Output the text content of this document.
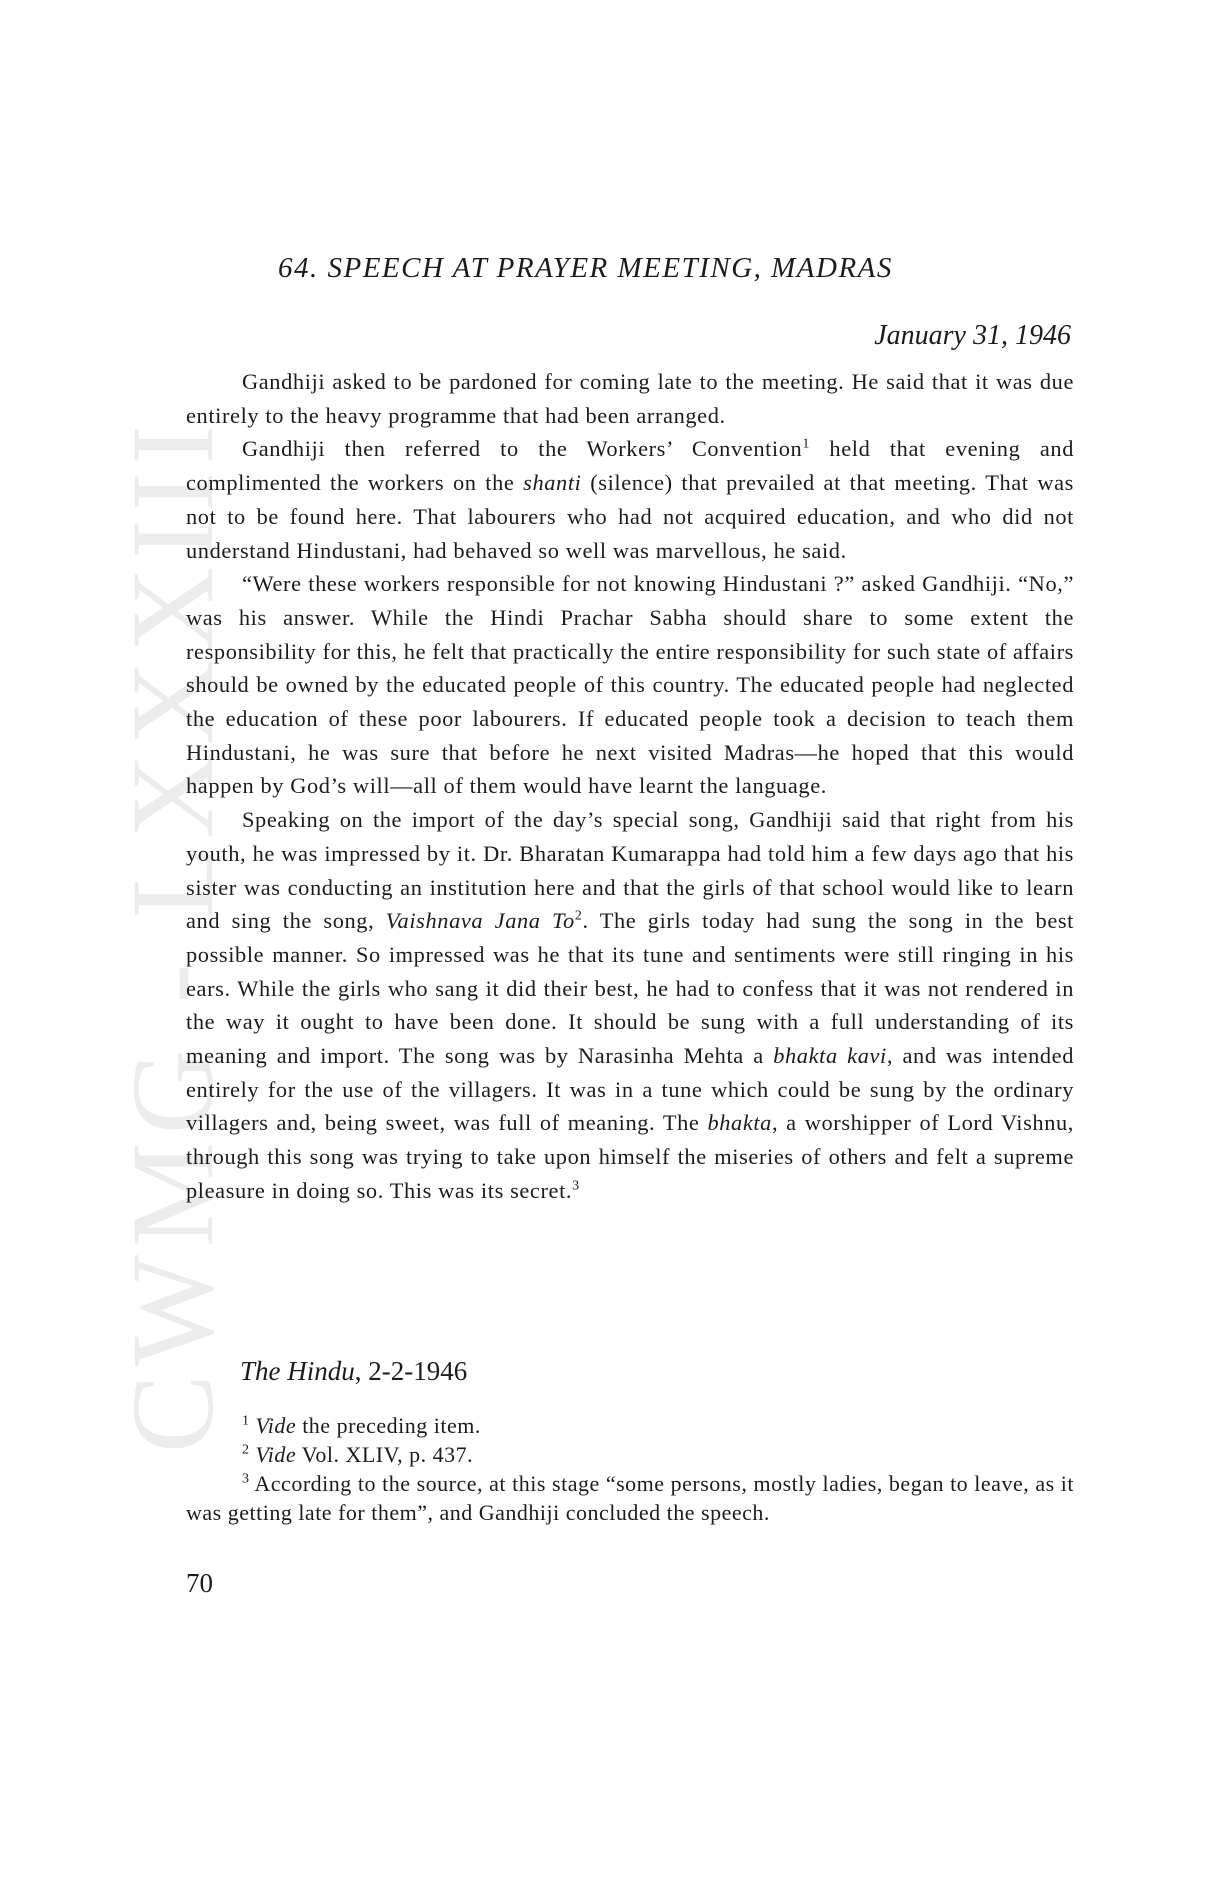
CWMG - LXXXIII
64. SPEECH AT PRAYER MEETING, MADRAS
January 31, 1946

Gandhiji asked to be pardoned for coming late to the meeting. He said that it was due entirely to the heavy programme that had been arranged.

Gandhiji then referred to the Workers’ Convention$^1$ held that evening and complimented the workers on the shanti (silence) that prevailed at that meeting. That was not to be found here. That labourers who had not acquired education, and who did not understand Hindustani, had behaved so well was marvellous, he said.

“Were these workers responsible for not knowing Hindustani ?” asked Gandhiji. “No,” was his answer. While the Hindi Prachar Sabha should share to some extent the responsibility for this, he felt that practically the entire responsibility for such state of affairs should be owned by the educated people of this country. The educated people had neglected the education of these poor labourers. If educated people took a decision to teach them Hindustani, he was sure that before he next visited Madras—he hoped that this would happen by God’s will—all of them would have learnt the language.

Speaking on the import of the day’s special song, Gandhiji said that right from his youth, he was impressed by it. Dr. Bharatan Kumarappa had told him a few days ago that his sister was conducting an institution here and that the girls of that school would like to learn and sing the song, Vaishnava Jana To$^2$. The girls today had sung the song in the best possible manner. So impressed was he that its tune and sentiments were still ringing in his ears. While the girls who sang it did their best, he had to confess that it was not rendered in the way it ought to have been done. It should be sung with a full understanding of its meaning and import. The song was by Narasinha Mehta a bhakta kavi, and was intended entirely for the use of the villagers. It was in a tune which could be sung by the ordinary villagers and, being sweet, was full of meaning. The bhakta, a worshipper of Lord Vishnu, through this song was trying to take upon himself the miseries of others and felt a supreme pleasure in doing so. This was its secret.$^3$

The Hindu, 2-2-1946

$^1$ Vide the preceding item.

$^2$ Vide Vol. XLIV, p. 437.

$^3$ According to the source, at this stage “some persons, mostly ladies, began to leave, as it was getting late for them”, and Gandhiji concluded the speech.

70
